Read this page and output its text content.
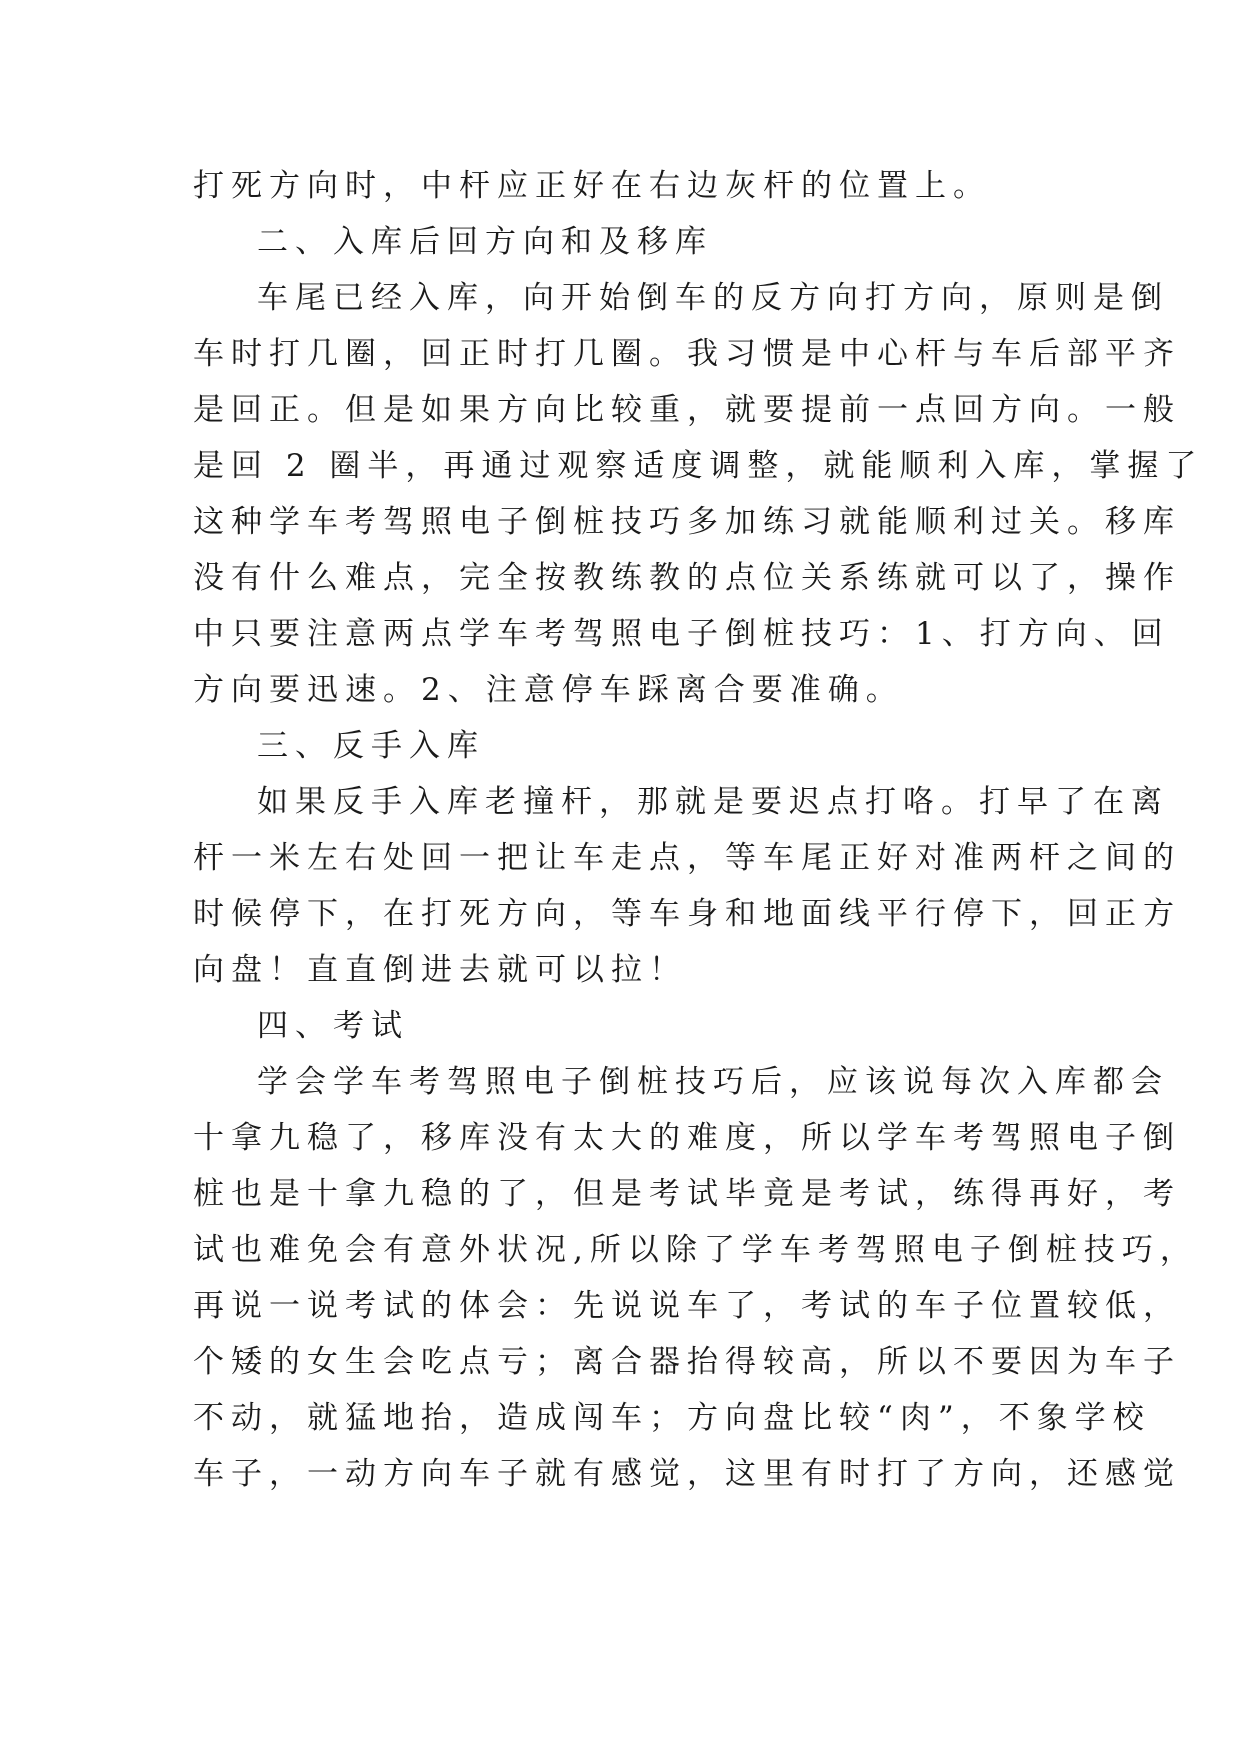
打死方向时，中杆应正好在右边灰杆的位置上。
二、入库后回方向和及移库
车尾已经入库，向开始倒车的反方向打方向，原则是倒
车时打几圈，回正时打几圈。我习惯是中心杆与车后部平齐
是回正。但是如果方向比较重，就要提前一点回方向。一般
是回 2 圈半，再通过观察适度调整，就能顺利入库，掌握了
这种学车考驾照电子倒桩技巧多加练习就能顺利过关。移库
没有什么难点，完全按教练教的点位关系练就可以了，操作
中只要注意两点学车考驾照电子倒桩技巧：1、打方向、回
方向要迅速。2、注意停车踩离合要准确。
三、反手入库
如果反手入库老撞杆，那就是要迟点打咯。打早了在离
杆一米左右处回一把让车走点，等车尾正好对准两杆之间的
时候停下，在打死方向，等车身和地面线平行停下，回正方
向盘！直直倒进去就可以拉！
四、考试
学会学车考驾照电子倒桩技巧后，应该说每次入库都会
十拿九稳了，移库没有太大的难度，所以学车考驾照电子倒
桩也是十拿九稳的了，但是考试毕竟是考试，练得再好，考
试也难免会有意外状况,所以除了学车考驾照电子倒桩技巧，
再说一说考试的体会：先说说车了，考试的车子位置较低，
个矮的女生会吃点亏；离合器抬得较高，所以不要因为车子
不动，就猛地抬，造成闯车；方向盘比较“肉”，不象学校
车子，一动方向车子就有感觉，这里有时打了方向，还感觉
